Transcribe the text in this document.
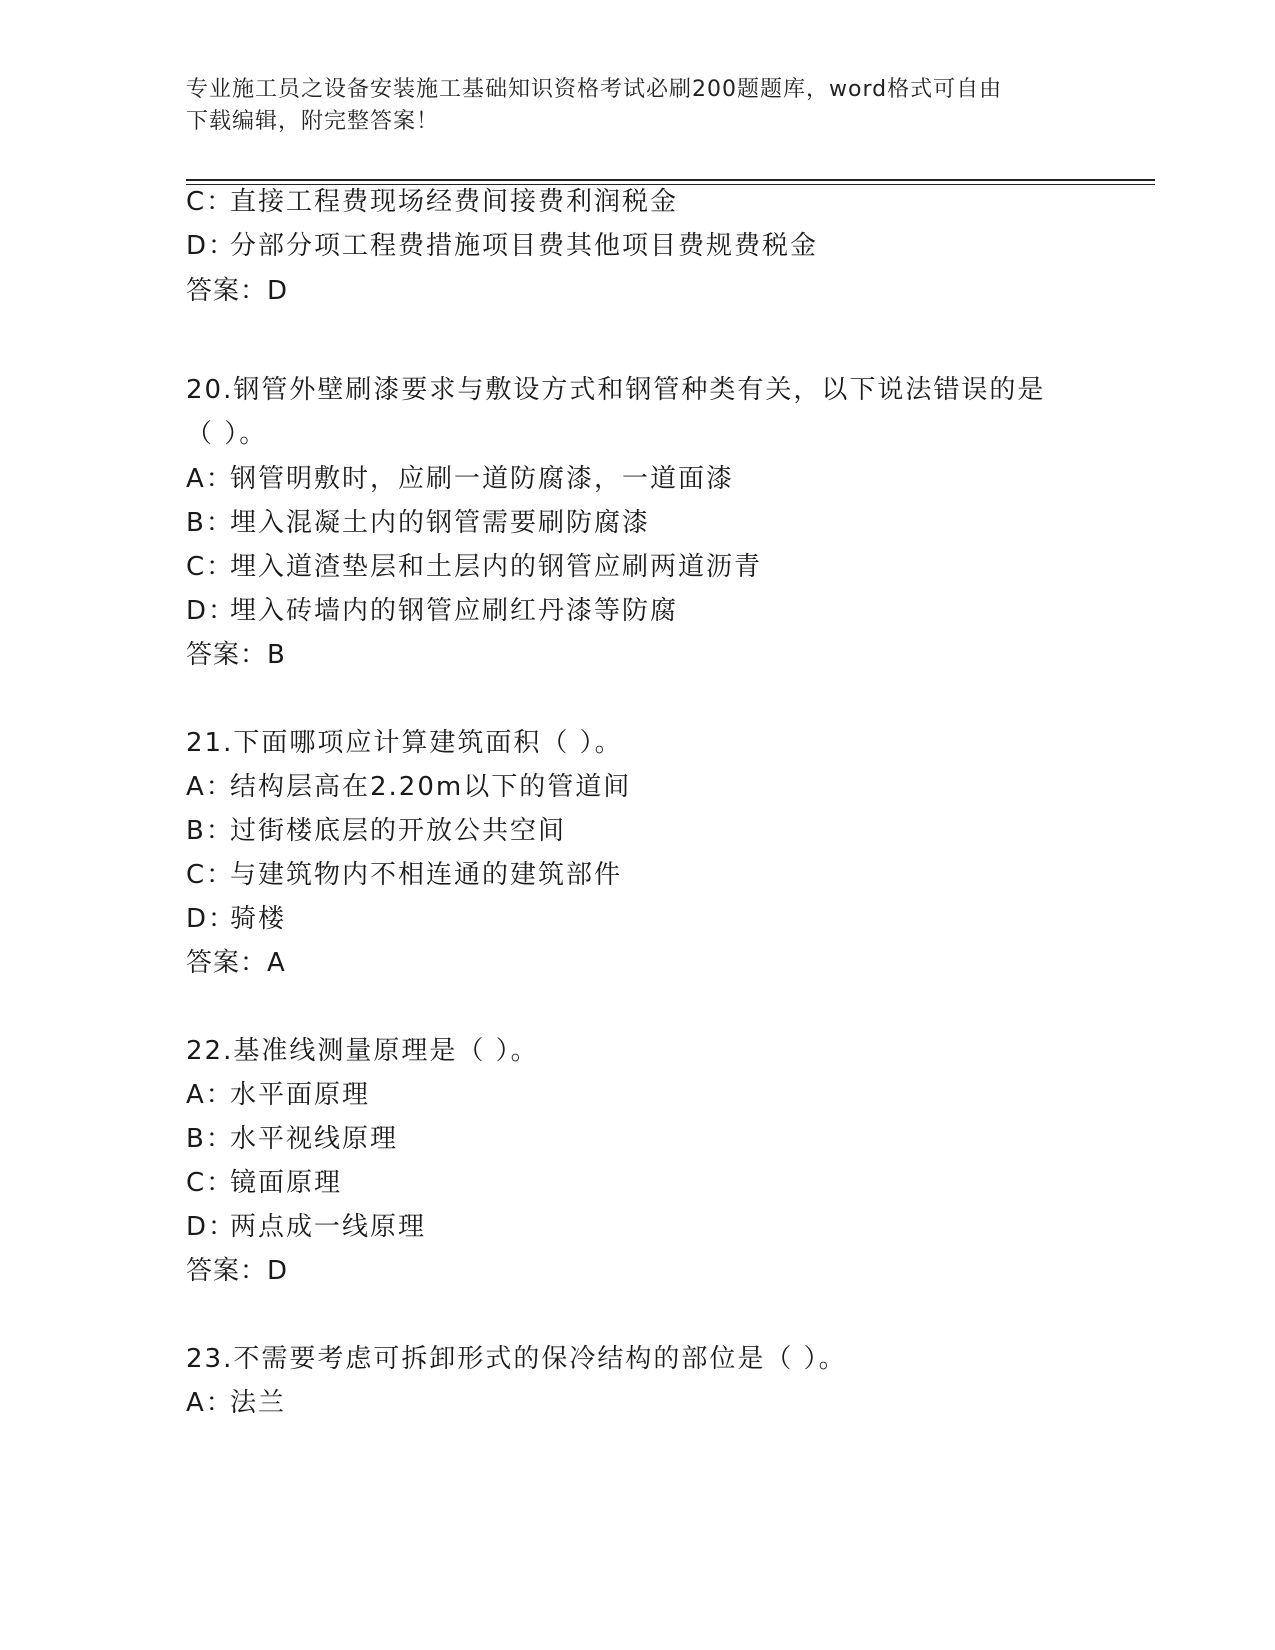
专业施工员之设备安装施工基础知识资格考试必刷200题题库，word格式可自由
下载编辑，附完整答案！
C：直接工程费现场经费间接费利润税金
D：分部分项工程费措施项目费其他项目费规费税金
答案：D
20.钢管外壁刷漆要求与敷设方式和钢管种类有关，以下说法错误的是
（ ）。
A：钢管明敷时，应刷一道防腐漆，一道面漆
B：埋入混凝土内的钢管需要刷防腐漆
C：埋入道渣垫层和土层内的钢管应刷两道沥青
D：埋入砖墙内的钢管应刷红丹漆等防腐
答案：B
21.下面哪项应计算建筑面积（ ）。
A：结构层高在2.20m以下的管道间
B：过街楼底层的开放公共空间
C：与建筑物内不相连通的建筑部件
D：骑楼
答案：A
22.基准线测量原理是（ ）。
A：水平面原理
B：水平视线原理
C：镜面原理
D：两点成一线原理
答案：D
23.不需要考虑可拆卸形式的保冷结构的部位是（ ）。
A：法兰
